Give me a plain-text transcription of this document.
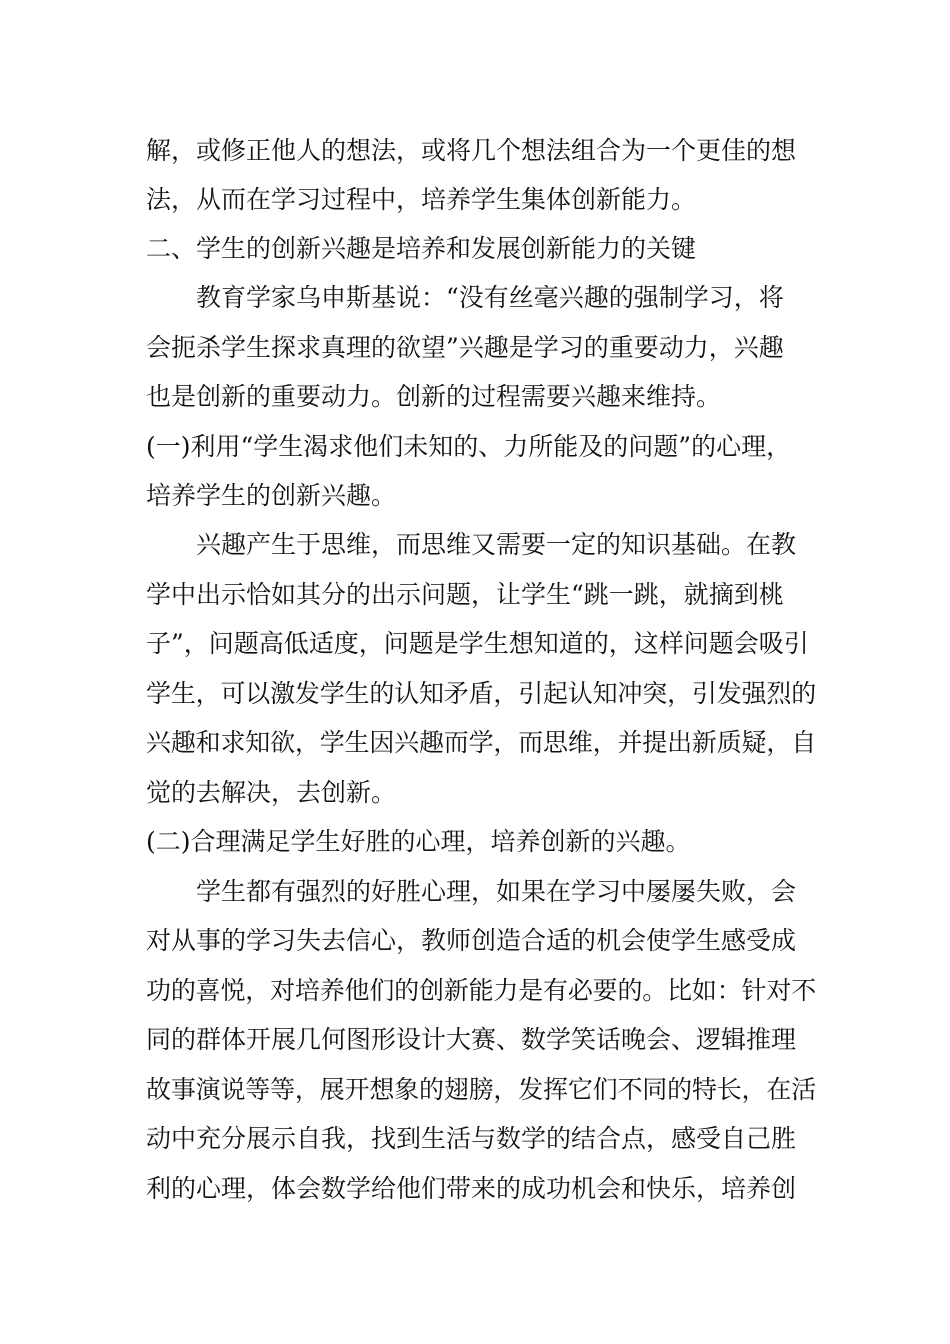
解，或修正他人的想法，或将几个想法组合为一个更佳的想
法，从而在学习过程中，培养学生集体创新能力。
二、学生的创新兴趣是培养和发展创新能力的关键
教育学家乌申斯基说：“没有丝毫兴趣的强制学习，将
会扼杀学生探求真理的欲望”兴趣是学习的重要动力，兴趣
也是创新的重要动力。创新的过程需要兴趣来维持。
(一)利用“学生渴求他们未知的、力所能及的问题”的心理，
培养学生的创新兴趣。
兴趣产生于思维，而思维又需要一定的知识基础。在教
学中出示恰如其分的出示问题，让学生“跳一跳，就摘到桃
子”，问题高低适度，问题是学生想知道的，这样问题会吸引
学生，可以激发学生的认知矛盾，引起认知冲突，引发强烈的
兴趣和求知欲，学生因兴趣而学，而思维，并提出新质疑，自
觉的去解决，去创新。
(二)合理满足学生好胜的心理，培养创新的兴趣。
学生都有强烈的好胜心理，如果在学习中屡屡失败，会
对从事的学习失去信心，教师创造合适的机会使学生感受成
功的喜悦，对培养他们的创新能力是有必要的。比如：针对不
同的群体开展几何图形设计大赛、数学笑话晚会、逻辑推理
故事演说等等，展开想象的翅膀，发挥它们不同的特长，在活
动中充分展示自我，找到生活与数学的结合点，感受自己胜
利的心理，体会数学给他们带来的成功机会和快乐，培养创
